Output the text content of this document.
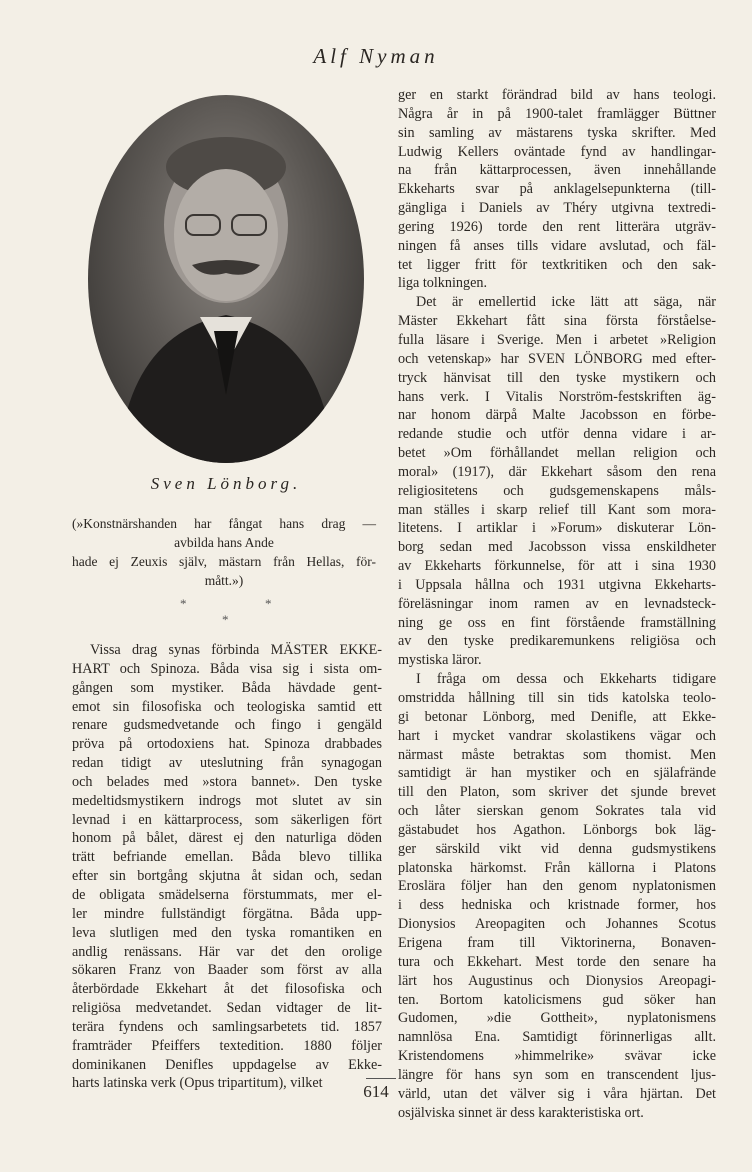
Alf Nyman
Sven Lönborg.
(»Konstnärshanden har fångat hans drag —
avbilda hans Ande
hade ej Zeuxis själv, mästarn från Hellas, för-
mått.»)
*	*
*
Vissa drag synas förbinda MÄSTER EKKE-
HART och Spinoza. Båda visa sig i sista om-
gången som mystiker. Båda hävdade gent-
emot sin filosofiska och teologiska samtid ett
renare gudsmedvetande och fingo i gengäld
pröva på ortodoxiens hat. Spinoza drabbades
redan tidigt av uteslutning från synagogan
och belades med »stora bannet». Den tyske
medeltidsmystikern indrogs mot slutet av sin
levnad i en kättarprocess, som säkerligen fört
honom på bålet, därest ej den naturliga döden
trätt befriande emellan. Båda blevo tillika
efter sin bortgång skjutna åt sidan och, sedan
de obligata smädelserna förstummats, mer el-
ler mindre fullständigt förgätna. Båda upp-
leva slutligen med den tyska romantiken en
andlig renässans. Här var det den orolige
sökaren Franz von Baader som först av alla
återbördade Ekkehart åt det filosofiska och
religiösa medvetandet. Sedan vidtager de lit-
terära fyndens och samlingsarbetets tid. 1857
framträder Pfeiffers textedition. 1880 följer
dominikanen Denifles uppdagelse av Ekke-
harts latinska verk (Opus tripartitum), vilket
ger en starkt förändrad bild av hans teologi.
Några år in på 1900-talet framlägger Büttner
sin samling av mästarens tyska skrifter. Med
Ludwig Kellers oväntade fynd av handlingar-
na från kättarprocessen, även innehållande
Ekkeharts svar på anklagelsepunkterna (till-
gängliga i Daniels av Théry utgivna textredi-
gering 1926) torde den rent litterära utgräv-
ningen få anses tills vidare avslutad, och fäl-
tet ligger fritt för textkritiken och den sak-
liga tolkningen.
Det är emellertid icke lätt att säga, när
Mäster Ekkehart fått sina första förståelse-
fulla läsare i Sverige. Men i arbetet »Religion
och vetenskap» har SVEN LÖNBORG med efter-
tryck hänvisat till den tyske mystikern och
hans verk. I Vitalis Norström-festskriften äg-
nar honom därpå Malte Jacobsson en förbe-
redande studie och utför denna vidare i ar-
betet »Om förhållandet mellan religion och
moral» (1917), där Ekkehart såsom den rena
religiositetens och gudsgemenskapens måls-
man ställes i skarp relief till Kant som mora-
litetens. I artiklar i »Forum» diskuterar Lön-
borg sedan med Jacobsson vissa enskildheter
av Ekkeharts förkunnelse, för att i sina 1930
i Uppsala hållna och 1931 utgivna Ekkeharts-
föreläsningar inom ramen av en levnadsteck-
ning ge oss en fint förstående framställning
av den tyske predikaremunkens religiösa och
mystiska läror.
I fråga om dessa och Ekkeharts tidigare
omstridda hållning till sin tids katolska teolo-
gi betonar Lönborg, med Denifle, att Ekke-
hart i mycket vandrar skolastikens vägar och
närmast måste betraktas som thomist. Men
samtidigt är han mystiker och en själafrände
till den Platon, som skriver det sjunde brevet
och låter sierskan genom Sokrates tala vid
gästabudet hos Agathon. Lönborgs bok läg-
ger särskild vikt vid denna gudsmystikens
platonska härkomst. Från källorna i Platons
Eroslära följer han den genom nyplatonismen
i dess hedniska och kristnade former, hos
Dionysios Areopagiten och Johannes Scotus
Erigena fram till Viktorinerna, Bonaven-
tura och Ekkehart. Mest torde den senare ha
lärt hos Augustinus och Dionysios Areopagi-
ten. Bortom katolicismens gud söker han
Gudomen, »die Gottheit», nyplatonismens
namnlösa Ena. Samtidigt förinnerligas allt.
Kristendomens »himmelrike» svävar icke
längre för hans syn som en transcendent ljus-
värld, utan det välver sig i våra hjärtan. Det
osjälviska sinnet är dess karakteristiska ort.
614
